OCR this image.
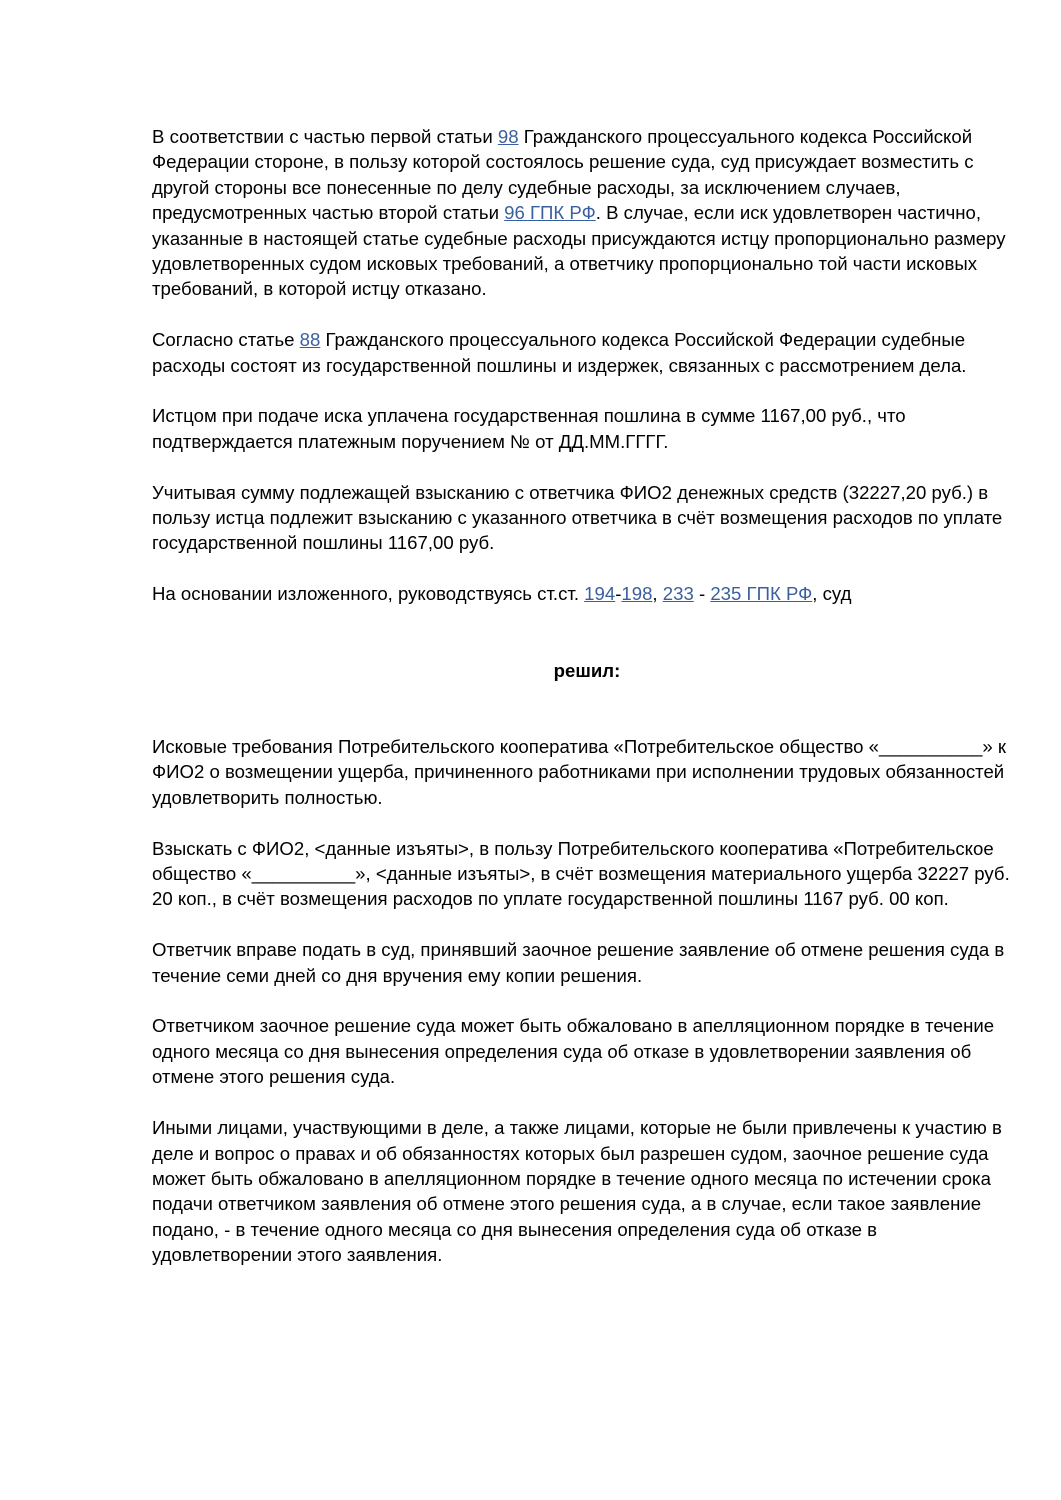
В соответствии с частью первой статьи 98 Гражданского процессуального кодекса Российской Федерации стороне, в пользу которой состоялось решение суда, суд присуждает возместить с другой стороны все понесенные по делу судебные расходы, за исключением случаев, предусмотренных частью второй статьи 96 ГПК РФ. В случае, если иск удовлетворен частично, указанные в настоящей статье судебные расходы присуждаются истцу пропорционально размеру удовлетворенных судом исковых требований, а ответчику пропорционально той части исковых требований, в которой истцу отказано.

Согласно статье 88 Гражданского процессуального кодекса Российской Федерации судебные расходы состоят из государственной пошлины и издержек, связанных с рассмотрением дела.

Истцом при подаче иска уплачена государственная пошлина в сумме 1167,00 руб., что подтверждается платежным поручением № от ДД.ММ.ГГГГ.

Учитывая сумму подлежащей взысканию с ответчика ФИО2 денежных средств (32227,20 руб.) в пользу истца подлежит взысканию с указанного ответчика в счёт возмещения расходов по уплате государственной пошлины 1167,00 руб.

На основании изложенного, руководствуясь ст.ст. 194-198, 233 - 235 ГПК РФ, суд

решил:

Исковые требования Потребительского кооператива «Потребительское общество «__________» к ФИО2 о возмещении ущерба, причиненного работниками при исполнении трудовых обязанностей удовлетворить полностью.

Взыскать с ФИО2, <данные изъяты>, в пользу Потребительского кооператива «Потребительское общество «__________», <данные изъяты>, в счёт возмещения материального ущерба 32227 руб. 20 коп., в счёт возмещения расходов по уплате государственной пошлины 1167 руб. 00 коп.

Ответчик вправе подать в суд, принявший заочное решение заявление об отмене решения суда в течение семи дней со дня вручения ему копии решения.

Ответчиком заочное решение суда может быть обжаловано в апелляционном порядке в течение одного месяца со дня вынесения определения суда об отказе в удовлетворении заявления об отмене этого решения суда.

Иными лицами, участвующими в деле, а также лицами, которые не были привлечены к участию в деле и вопрос о правах и об обязанностях которых был разрешен судом, заочное решение суда может быть обжаловано в апелляционном порядке в течение одного месяца по истечении срока подачи ответчиком заявления об отмене этого решения суда, а в случае, если такое заявление подано, - в течение одного месяца со дня вынесения определения суда об отказе в удовлетворении этого заявления.
